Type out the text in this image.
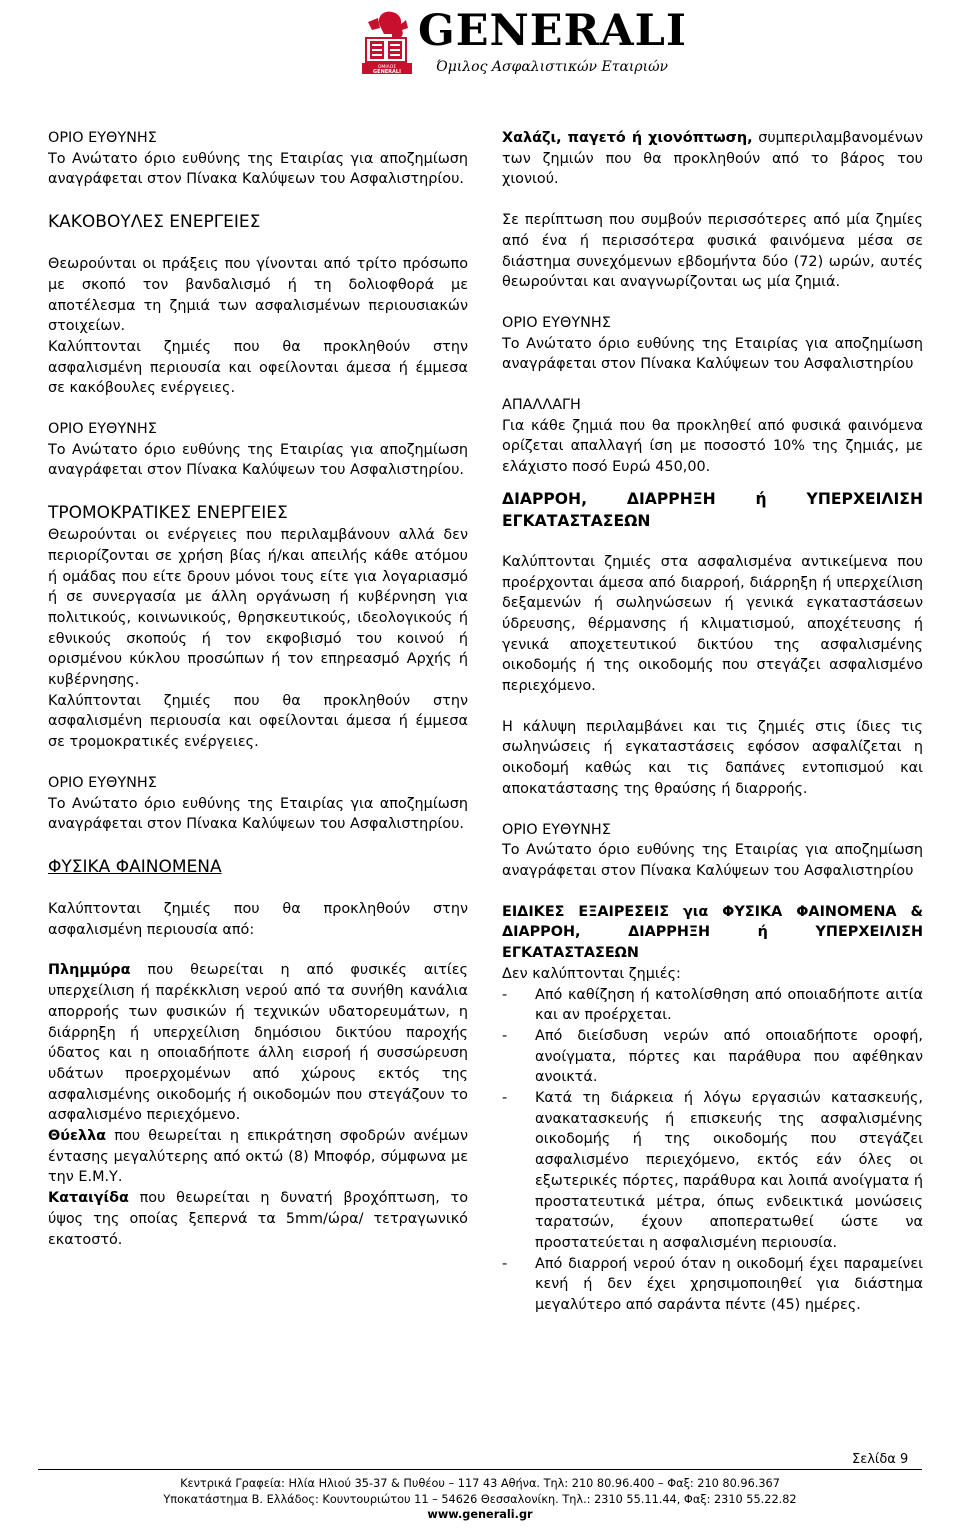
ΟΜΙΛΟΣ
GENERALI
GENERALI
Όμιλος Ασφαλιστικών Εταιριών

ΟΡΙΟ ΕΥΘΥΝΗΣ

Το Ανώτατο όριο ευθύνης της Εταιρίας για αποζημίωση αναγράφεται στον Πίνακα Καλύψεων του Ασφαλιστηρίου.

ΚΑΚΟΒΟΥΛΕΣ ΕΝΕΡΓΕΙΕΣ

Θεωρούνται οι πράξεις που γίνονται από τρίτο πρόσωπο με σκοπό τον βανδαλισμό ή τη δολιοφθορά με αποτέλεσμα τη ζημιά των ασφαλισμένων περιουσιακών στοιχείων.

Καλύπτονται ζημιές που θα προκληθούν στην ασφαλισμένη περιουσία και οφείλονται άμεσα ή έμμεσα σε κακόβουλες ενέργειες.

ΟΡΙΟ ΕΥΘΥΝΗΣ

Το Ανώτατο όριο ευθύνης της Εταιρίας για αποζημίωση αναγράφεται στον Πίνακα Καλύψεων του Ασφαλιστηρίου.

ΤΡΟΜΟΚΡΑΤΙΚΕΣ ΕΝΕΡΓΕΙΕΣ

Θεωρούνται οι ενέργειες που περιλαμβάνουν αλλά δεν περιορίζονται σε χρήση βίας ή/και απειλής κάθε ατόμου ή ομάδας που είτε δρουν μόνοι τους είτε για λογαριασμό ή σε συνεργασία με άλλη οργάνωση ή κυβέρνηση για πολιτικούς, κοινωνικούς, θρησκευτικούς, ιδεολογικούς ή εθνικούς σκοπούς ή τον εκφοβισμό του κοινού ή ορισμένου κύκλου προσώπων ή τον επηρεασμό Αρχής ή κυβέρνησης.

Καλύπτονται ζημιές που θα προκληθούν στην ασφαλισμένη περιουσία και οφείλονται άμεσα ή έμμεσα σε τρομοκρατικές ενέργειες.

ΟΡΙΟ ΕΥΘΥΝΗΣ

Το Ανώτατο όριο ευθύνης της Εταιρίας για αποζημίωση αναγράφεται στον Πίνακα Καλύψεων του Ασφαλιστηρίου.

ΦΥΣΙΚΑ ΦΑΙΝΟΜΕΝΑ

Καλύπτονται ζημιές που θα προκληθούν στην ασφαλισμένη περιουσία από:

Πλημμύρα που θεωρείται η από φυσικές αιτίες υπερχείλιση ή παρέκκλιση νερού από τα συνήθη κανάλια απορροής των φυσικών ή τεχνικών υδατορευμάτων, η διάρρηξη ή υπερχείλιση δημόσιου δικτύου παροχής ύδατος και η οποιαδήποτε άλλη εισροή ή συσσώρευση υδάτων προερχομένων από χώρους εκτός της ασφαλισμένης οικοδομής ή οικοδομών που στεγάζουν το ασφαλισμένο περιεχόμενο.

Θύελλα που θεωρείται η επικράτηση σφοδρών ανέμων έντασης μεγαλύτερης από οκτώ (8) Μποφόρ, σύμφωνα με την Ε.Μ.Υ.

Καταιγίδα που θεωρείται η δυνατή βροχόπτωση, το ύψος της οποίας ξεπερνά τα 5mm/ώρα/ τετραγωνικό εκατοστό.

Χαλάζι, παγετό ή χιονόπτωση, συμπεριλαμβανομένων των ζημιών που θα προκληθούν από το βάρος του χιονιού.

Σε περίπτωση που συμβούν περισσότερες από μία ζημίες από ένα ή περισσότερα φυσικά φαινόμενα μέσα σε διάστημα συνεχόμενων εβδομήντα δύο (72) ωρών, αυτές θεωρούνται και αναγνωρίζονται ως μία ζημιά.

ΟΡΙΟ ΕΥΘΥΝΗΣ

Το Ανώτατο όριο ευθύνης της Εταιρίας για αποζημίωση αναγράφεται στον Πίνακα Καλύψεων του Ασφαλιστηρίου

ΑΠΑΛΛΑΓΗ

Για κάθε ζημιά που θα προκληθεί από φυσικά φαινόμενα ορίζεται απαλλαγή ίση με ποσοστό 10% της ζημιάς, με ελάχιστο ποσό Ευρώ 450,00.

ΔΙΑΡΡΟΗ, ΔΙΑΡΡΗΞΗ ή ΥΠΕΡΧΕΙΛΙΣΗ ΕΓΚΑΤΑΣΤΑΣΕΩΝ

Καλύπτονται ζημιές στα ασφαλισμένα αντικείμενα που προέρχονται άμεσα από διαρροή, διάρρηξη ή υπερχείλιση δεξαμενών ή σωληνώσεων ή γενικά εγκαταστάσεων ύδρευσης, θέρμανσης ή κλιματισμού, αποχέτευσης ή γενικά αποχετευτικού δικτύου της ασφαλισμένης οικοδομής ή της οικοδομής που στεγάζει ασφαλισμένο περιεχόμενο.

Η κάλυψη περιλαμβάνει και τις ζημιές στις ίδιες τις σωληνώσεις ή εγκαταστάσεις εφόσον ασφαλίζεται η οικοδομή καθώς και τις δαπάνες εντοπισμού και αποκατάστασης της θραύσης ή διαρροής.

ΟΡΙΟ ΕΥΘΥΝΗΣ

Το Ανώτατο όριο ευθύνης της Εταιρίας για αποζημίωση αναγράφεται στον Πίνακα Καλύψεων του Ασφαλιστηρίου

ΕΙΔΙΚΕΣ ΕΞΑΙΡΕΣΕΙΣ για ΦΥΣΙΚΑ ΦΑΙΝΟΜΕΝΑ & ΔΙΑΡΡΟΗ, ΔΙΑΡΡΗΞΗ ή ΥΠΕΡΧΕΙΛΙΣΗ ΕΓΚΑΤΑΣΤΑΣΕΩΝ

Δεν καλύπτονται ζημιές:

- Από καθίζηση ή κατολίσθηση από οποιαδήποτε αιτία και αν προέρχεται.
- Από διείσδυση νερών από οποιαδήποτε οροφή, ανοίγματα, πόρτες και παράθυρα που αφέθηκαν ανοικτά.
- Κατά τη διάρκεια ή λόγω εργασιών κατασκευής, ανακατασκευής ή επισκευής της ασφαλισμένης οικοδομής ή της οικοδομής που στεγάζει ασφαλισμένο περιεχόμενο, εκτός εάν όλες οι εξωτερικές πόρτες, παράθυρα και λοιπά ανοίγματα ή προστατευτικά μέτρα, όπως ενδεικτικά μονώσεις ταρατσών, έχουν αποπερατωθεί ώστε να προστατεύεται η ασφαλισμένη περιουσία.
- Από διαρροή νερού όταν η οικοδομή έχει παραμείνει κενή ή δεν έχει χρησιμοποιηθεί για διάστημα μεγαλύτερο από σαράντα πέντε (45) ημέρες.
Σελίδα 9
Κεντρικά Γραφεία: Ηλία Ηλιού 35-37 & Πυθέου – 117 43 Αθήνα. Τηλ: 210 80.96.400 – Φαξ: 210 80.96.367
Υποκατάστημα Β. Ελλάδος: Κουντουριώτου 11 – 54626 Θεσσαλονίκη. Τηλ.: 2310 55.11.44, Φαξ: 2310 55.22.82
www.generali.gr
